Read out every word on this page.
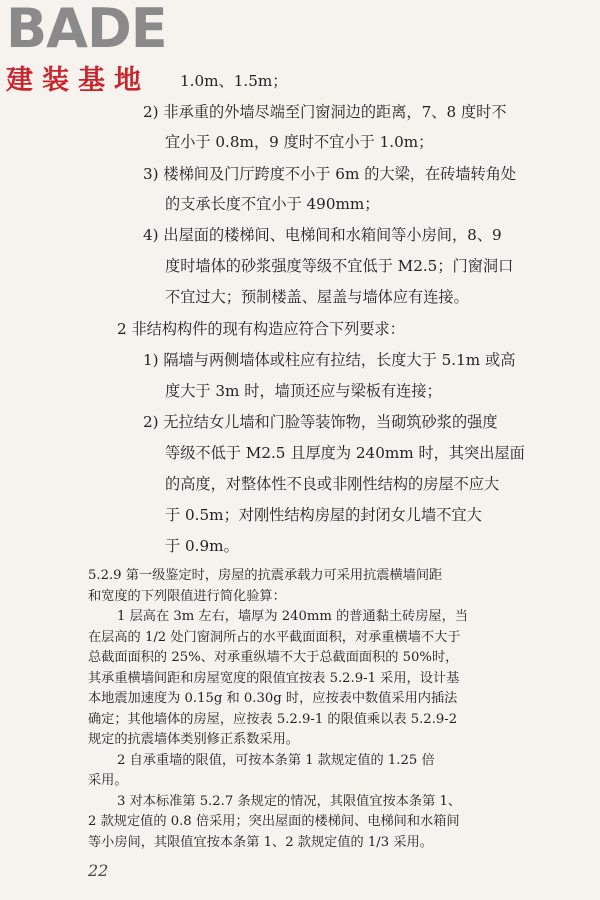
BADE
建装基地	1.0m、1.5m；
2) 非承重的外墙尽端至门窗洞边的距离，7、8 度时不
宜小于 0.8m，9 度时不宜小于 1.0m；
3) 楼梯间及门厅跨度不小于 6m 的大梁，在砖墙转角处
的支承长度不宜小于 490mm；
4) 出屋面的楼梯间、电梯间和水箱间等小房间，8、9
度时墙体的砂浆强度等级不宜低于 M2.5；门窗洞口
不宜过大；预制楼盖、屋盖与墙体应有连接。
2 非结构构件的现有构造应符合下列要求：
1) 隔墙与两侧墙体或柱应有拉结，长度大于 5.1m 或高
度大于 3m 时，墙顶还应与梁板有连接；
2) 无拉结女儿墙和门脸等装饰物，当砌筑砂浆的强度
等级不低于 M2.5 且厚度为 240mm 时，其突出屋面
的高度，对整体性不良或非刚性结构的房屋不应大
于 0.5m；对刚性结构房屋的封闭女儿墙不宜大
于 0.9m。
5.2.9 第一级鉴定时，房屋的抗震承载力可采用抗震横墙间距
和宽度的下列限值进行简化验算：
1 层高在 3m 左右，墙厚为 240mm 的普通黏土砖房屋，当
在层高的 1/2 处门窗洞所占的水平截面面积，对承重横墙不大于
总截面面积的 25%、对承重纵墙不大于总截面面积的 50%时，
其承重横墙间距和房屋宽度的限值宜按表 5.2.9-1 采用，设计基
本地震加速度为 0.15g 和 0.30g 时，应按表中数值采用内插法
确定；其他墙体的房屋，应按表 5.2.9-1 的限值乘以表 5.2.9-2
规定的抗震墙体类别修正系数采用。
2 自承重墙的限值，可按本条第 1 款规定值的 1.25 倍
采用。
3 对本标准第 5.2.7 条规定的情况，其限值宜按本条第 1、
2 款规定值的 0.8 倍采用；突出屋面的楼梯间、电梯间和水箱间
等小房间，其限值宜按本条第 1、2 款规定值的 1/3 采用。
22
